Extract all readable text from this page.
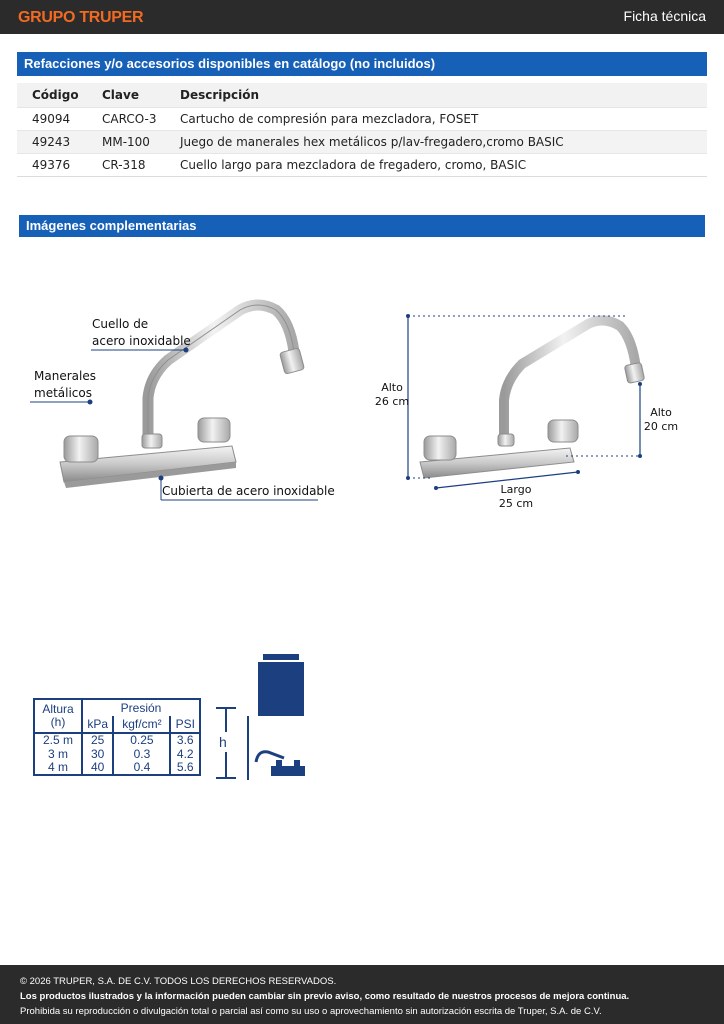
GRUPO TRUPER	Ficha técnica
Refacciones y/o accesorios disponibles en catálogo (no incluidos)
Código	Clave	Descripción
49094	CARCO-3	Cartucho de compresión para mezcladora, FOSET
49243	MM-100	Juego de manerales hex metálicos p/lav-fregadero,cromo BASIC
49376	CR-318	Cuello largo para mezcladora de fregadero, cromo, BASIC
Imágenes complementarias
Cuello de
acero inoxidable
Manerales
metálicos
Cubierta de acero inoxidable
Alto
26 cm
Alto
20 cm
Largo
25 cm
Altura
(h)	Presión		
	kPa	kgf/cm²	PSI
2.5 m	25	0.25	3.6
3 m	30	0.3	4.2
4 m	40	0.4	5.6
h
© 2026 TRUPER, S.A. DE C.V. TODOS LOS DERECHOS RESERVADOS.
Los productos ilustrados y la información pueden cambiar sin previo aviso, como resultado de nuestros procesos de mejora continua.
Prohibida su reproducción o divulgación total o parcial así como su uso o aprovechamiento sin autorización escrita de Truper, S.A. de C.V.
